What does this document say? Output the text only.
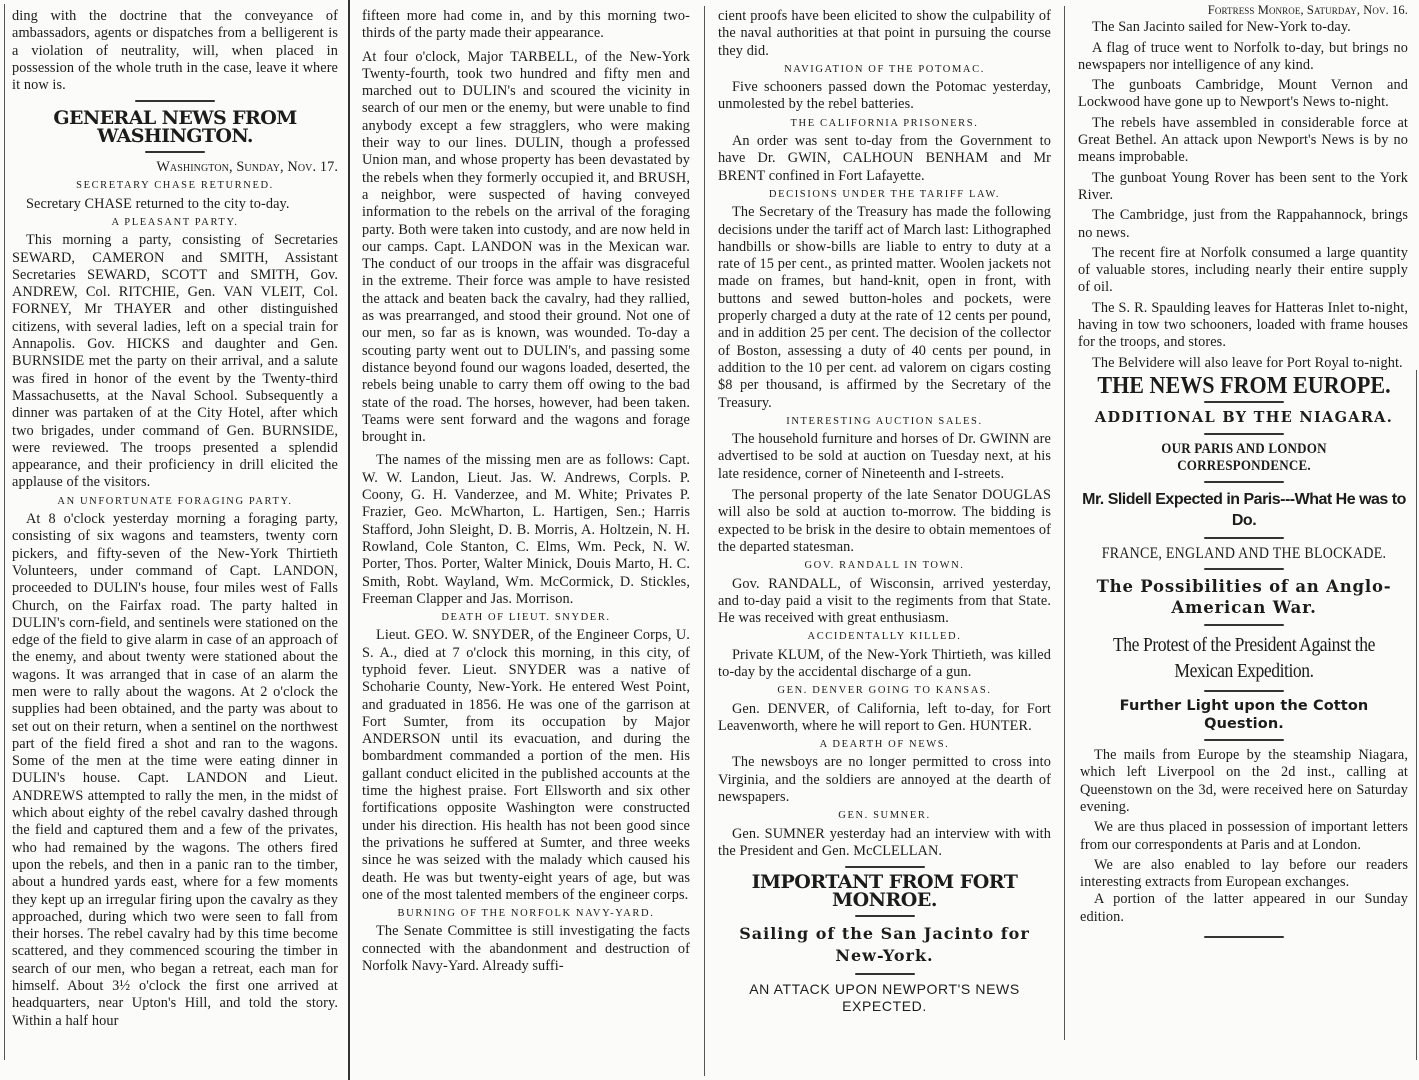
ding with the doctrine that the conveyance of ambassadors, agents or dispatches from a belligerent is a violation of neutrality, will, when placed in possession of the whole truth in the case, leave it where it now is.

GENERAL NEWS FROM WASHINGTON.

Washington, Sunday, Nov. 17.

SECRETARY CHASE RETURNED.

Secretary CHASE returned to the city to-day.

A PLEASANT PARTY.

This morning a party, consisting of Secretaries SEWARD, CAMERON and SMITH, Assistant Secretaries SEWARD, SCOTT and SMITH, Gov. ANDREW, Col. RITCHIE, Gen. VAN VLEIT, Col. FORNEY, Mr THAYER and other distinguished citizens, with several ladies, left on a special train for Annapolis. Gov. HICKS and daughter and Gen. BURNSIDE met the party on their arrival, and a salute was fired in honor of the event by the Twenty-third Massachusetts, at the Naval School. Subsequently a dinner was partaken of at the City Hotel, after which two brigades, under command of Gen. BURNSIDE, were reviewed. The troops presented a splendid appearance, and their proficiency in drill elicited the applause of the visitors.

AN UNFORTUNATE FORAGING PARTY.

At 8 o'clock yesterday morning a foraging party, consisting of six wagons and teamsters, twenty corn pickers, and fifty-seven of the New-York Thirtieth Volunteers, under command of Capt. LANDON, proceeded to DULIN's house, four miles west of Falls Church, on the Fairfax road. The party halted in DULIN's corn-field, and sentinels were stationed on the edge of the field to give alarm in case of an approach of the enemy, and about twenty were stationed about the wagons. It was arranged that in case of an alarm the men were to rally about the wagons. At 2 o'clock the supplies had been obtained, and the party was about to set out on their return, when a sentinel on the northwest part of the field fired a shot and ran to the wagons. Some of the men at the time were eating dinner in DULIN's house. Capt. LANDON and Lieut. ANDREWS attempted to rally the men, in the midst of which about eighty of the rebel cavalry dashed through the field and captured them and a few of the privates, who had remained by the wagons. The others fired upon the rebels, and then in a panic ran to the timber, about a hundred yards east, where for a few moments they kept up an irregular firing upon the cavalry as they approached, during which two were seen to fall from their horses. The rebel cavalry had by this time become scattered, and they commenced scouring the timber in search of our men, who began a retreat, each man for himself. About 3½ o'clock the first one arrived at headquarters, near Upton's Hill, and told the story. Within a half hour

fifteen more had come in, and by this morning two-thirds of the party made their appearance.

At four o'clock, Major TARBELL, of the New-York Twenty-fourth, took two hundred and fifty men and marched out to DULIN's and scoured the vicinity in search of our men or the enemy, but were unable to find anybody except a few stragglers, who were making their way to our lines. DULIN, though a professed Union man, and whose property has been devastated by the rebels when they formerly occupied it, and BRUSH, a neighbor, were suspected of having conveyed information to the rebels on the arrival of the foraging party. Both were taken into custody, and are now held in our camps. Capt. LANDON was in the Mexican war. The conduct of our troops in the affair was disgraceful in the extreme. Their force was ample to have resisted the attack and beaten back the cavalry, had they rallied, as was prearranged, and stood their ground. Not one of our men, so far as is known, was wounded. To-day a scouting party went out to DULIN's, and passing some distance beyond found our wagons loaded, deserted, the rebels being unable to carry them off owing to the bad state of the road. The horses, however, had been taken. Teams were sent forward and the wagons and forage brought in.

The names of the missing men are as follows: Capt. W. W. Landon, Lieut. Jas. W. Andrews, Corpls. P. Coony, G. H. Vanderzee, and M. White; Privates P. Frazier, Geo. McWharton, L. Hartigen, Sen.; Harris Stafford, John Sleight, D. B. Morris, A. Holtzein, N. H. Rowland, Cole Stanton, C. Elms, Wm. Peck, N. W. Porter, Thos. Porter, Walter Minick, Douis Marto, H. C. Smith, Robt. Wayland, Wm. McCormick, D. Stickles, Freeman Clapper and Jas. Morrison.

DEATH OF LIEUT. SNYDER.

Lieut. GEO. W. SNYDER, of the Engineer Corps, U. S. A., died at 7 o'clock this morning, in this city, of typhoid fever. Lieut. SNYDER was a native of Schoharie County, New-York. He entered West Point, and graduated in 1856. He was one of the garrison at Fort Sumter, from its occupation by Major ANDERSON until its evacuation, and during the bombardment commanded a portion of the men. His gallant conduct elicited in the published accounts at the time the highest praise. Fort Ellsworth and six other fortifications opposite Washington were constructed under his direction. His health has not been good since the privations he suffered at Sumter, and three weeks since he was seized with the malady which caused his death. He was but twenty-eight years of age, but was one of the most talented members of the engineer corps.

BURNING OF THE NORFOLK NAVY-YARD.

The Senate Committee is still investigating the facts connected with the abandonment and destruction of Norfolk Navy-Yard. Already suffi-

cient proofs have been elicited to show the culpability of the naval authorities at that point in pursuing the course they did.

NAVIGATION OF THE POTOMAC.

Five schooners passed down the Potomac yesterday, unmolested by the rebel batteries.

THE CALIFORNIA PRISONERS.

An order was sent to-day from the Government to have Dr. GWIN, CALHOUN BENHAM and Mr BRENT confined in Fort Lafayette.

DECISIONS UNDER THE TARIFF LAW.

The Secretary of the Treasury has made the following decisions under the tariff act of March last: Lithographed handbills or show-bills are liable to entry to duty at a rate of 15 per cent., as printed matter. Woolen jackets not made on frames, but hand-knit, open in front, with buttons and sewed button-holes and pockets, were properly charged a duty at the rate of 12 cents per pound, and in addition 25 per cent. The decision of the collector of Boston, assessing a duty of 40 cents per pound, in addition to the 10 per cent. ad valorem on cigars costing $8 per thousand, is affirmed by the Secretary of the Treasury.

INTERESTING AUCTION SALES.

The household furniture and horses of Dr. GWINN are advertised to be sold at auction on Tuesday next, at his late residence, corner of Nineteenth and I-streets.

The personal property of the late Senator DOUGLAS will also be sold at auction to-morrow. The bidding is expected to be brisk in the desire to obtain mementoes of the departed statesman.

GOV. RANDALL IN TOWN.

Gov. RANDALL, of Wisconsin, arrived yesterday, and to-day paid a visit to the regiments from that State. He was received with great enthusiasm.

ACCIDENTALLY KILLED.

Private KLUM, of the New-York Thirtieth, was killed to-day by the accidental discharge of a gun.

GEN. DENVER GOING TO KANSAS.

Gen. DENVER, of California, left to-day, for Fort Leavenworth, where he will report to Gen. HUNTER.

A DEARTH OF NEWS.

The newsboys are no longer permitted to cross into Virginia, and the soldiers are annoyed at the dearth of newspapers.

GEN. SUMNER.

Gen. SUMNER yesterday had an interview with with the President and Gen. McCLELLAN.

IMPORTANT FROM FORT MONROE.
Sailing of the San Jacinto for New-York.
AN ATTACK UPON NEWPORT'S NEWS EXPECTED.

Fortress Monroe, Saturday, Nov. 16.

The San Jacinto sailed for New-York to-day.

A flag of truce went to Norfolk to-day, but brings no newspapers nor intelligence of any kind.

The gunboats Cambridge, Mount Vernon and Lockwood have gone up to Newport's News to-night.

The rebels have assembled in considerable force at Great Bethel. An attack upon Newport's News is by no means improbable.

The gunboat Young Rover has been sent to the York River.

The Cambridge, just from the Rappahannock, brings no news.

The recent fire at Norfolk consumed a large quantity of valuable stores, including nearly their entire supply of oil.

The S. R. Spaulding leaves for Hatteras Inlet to-night, having in tow two schooners, loaded with frame houses for the troops, and stores.

The Belvidere will also leave for Port Royal to-night.

THE NEWS FROM EUROPE.
ADDITIONAL BY THE NIAGARA.
OUR PARIS AND LONDON CORRESPONDENCE.
Mr. Slidell Expected in Paris---What He was to Do.
FRANCE, ENGLAND AND THE BLOCKADE.
The Possibilities of an Anglo-American War.
The Protest of the President Against the Mexican Expedition.
Further Light upon the Cotton Question.

The mails from Europe by the steamship Niagara, which left Liverpool on the 2d inst., calling at Queenstown on the 3d, were received here on Saturday evening.

We are thus placed in possession of important letters from our correspondents at Paris and at London.

We are also enabled to lay before our readers interesting extracts from European exchanges.

A portion of the latter appeared in our Sunday edition.
